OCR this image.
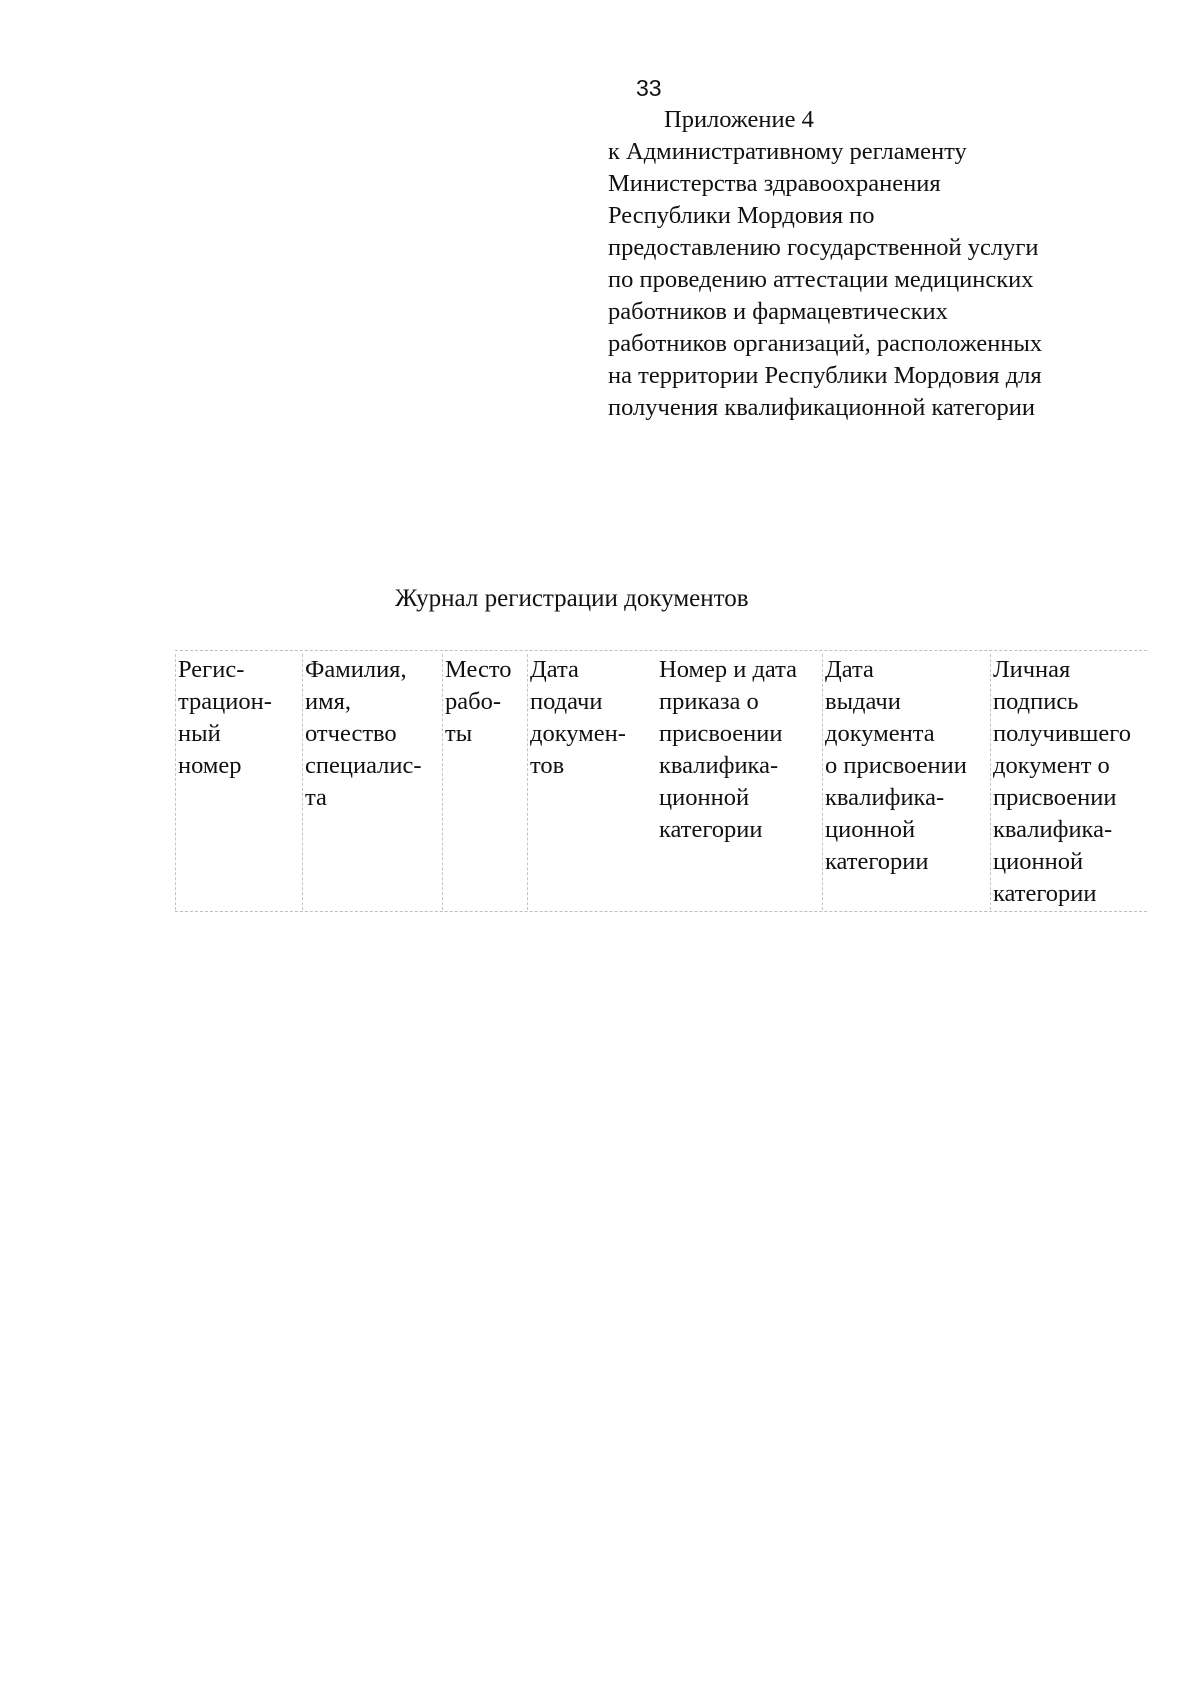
33
Приложение 4
к Административному регламенту
Министерства здравоохранения
Республики Мордовия по
предоставлению государственной услуги
по проведению аттестации медицинских
работников и фармацевтических
работников организаций, расположенных
на территории Республики Мордовия для
получения квалификационной категории
Журнал регистрации документов
Регис-
трацион-
ный
номер
Фамилия,
имя,
отчество
специалис-
та
Место
рабо-
ты
Дата
подачи
докумен-
тов
Номер и дата
приказа о
присвоении
квалифика-
ционной
категории
Дата
выдачи
документа
о присвоении
квалифика-
ционной
категории
Личная
подпись
получившего
документ о
присвоении
квалифика-
ционной
категории
